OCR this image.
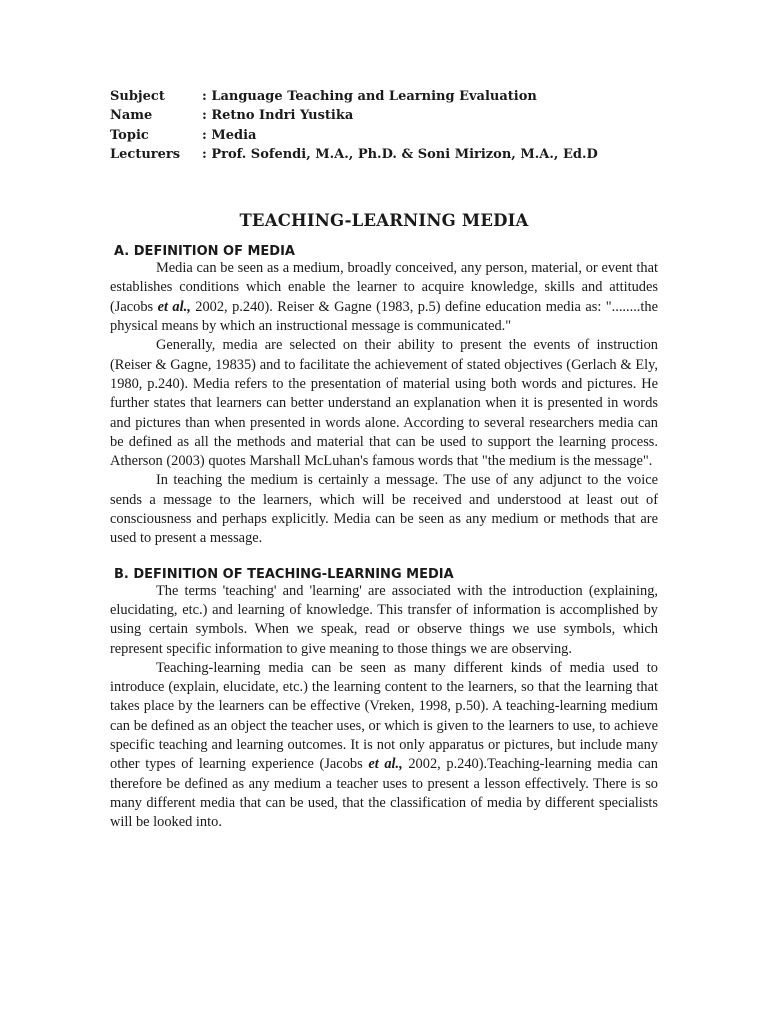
Subject	: Language Teaching and Learning Evaluation
Name	: Retno Indri Yustika
Topic	: Media
Lecturers	: Prof. Sofendi, M.A., Ph.D. & Soni Mirizon, M.A., Ed.D
TEACHING-LEARNING MEDIA
A. DEFINITION OF MEDIA

Media can be seen as a medium, broadly conceived, any person, material, or event that establishes conditions which enable the learner to acquire knowledge, skills and attitudes (Jacobs et al., 2002, p.240). Reiser & Gagne (1983, p.5) define education media as: "........the physical means by which an instructional message is communicated."

Generally, media are selected on their ability to present the events of instruction (Reiser & Gagne, 19835) and to facilitate the achievement of stated objectives (Gerlach & Ely, 1980, p.240). Media refers to the presentation of material using both words and pictures. He further states that learners can better understand an explanation when it is presented in words and pictures than when presented in words alone. According to several researchers media can be defined as all the methods and material that can be used to support the learning process. Atherson (2003) quotes Marshall McLuhan's famous words that "the medium is the message".

In teaching the medium is certainly a message. The use of any adjunct to the voice sends a message to the learners, which will be received and understood at least out of consciousness and perhaps explicitly. Media can be seen as any medium or methods that are used to present a message.

B. DEFINITION OF TEACHING-LEARNING MEDIA

The terms 'teaching' and 'learning' are associated with the introduction (explaining, elucidating, etc.) and learning of knowledge. This transfer of information is accomplished by using certain symbols. When we speak, read or observe things we use symbols, which represent specific information to give meaning to those things we are observing.

Teaching-learning media can be seen as many different kinds of media used to introduce (explain, elucidate, etc.) the learning content to the learners, so that the learning that takes place by the learners can be effective (Vreken, 1998, p.50). A teaching-learning medium can be defined as an object the teacher uses, or which is given to the learners to use, to achieve specific teaching and learning outcomes. It is not only apparatus or pictures, but include many other types of learning experience (Jacobs et al., 2002, p.240).Teaching-learning media can therefore be defined as any medium a teacher uses to present a lesson effectively. There is so many different media that can be used, that the classification of media by different specialists will be looked into.
